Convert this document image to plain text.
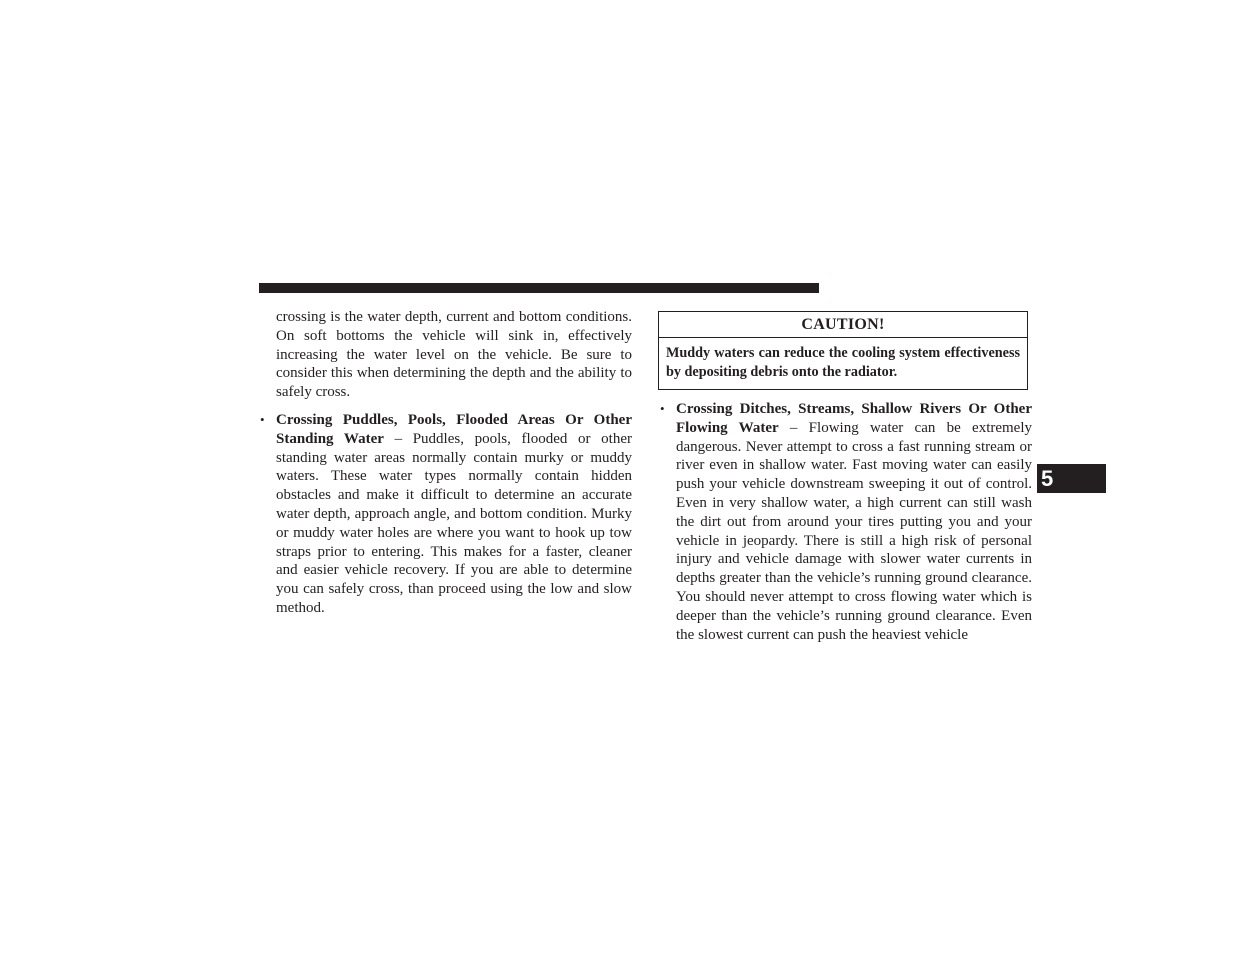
crossing is the water depth, current and bottom conditions. On soft bottoms the vehicle will sink in, effectively increasing the water level on the vehicle. Be sure to consider this when determining the depth and the ability to safely cross.

• Crossing Puddles, Pools, Flooded Areas Or Other Standing Water – Puddles, pools, flooded or other standing water areas normally contain murky or muddy waters. These water types normally contain hidden obstacles and make it difficult to determine an accurate water depth, approach angle, and bottom condition. Murky or muddy water holes are where you want to hook up tow straps prior to entering. This makes for a faster, cleaner and easier vehicle recovery. If you are able to determine you can safely cross, than proceed using the low and slow method.

CAUTION!
Muddy waters can reduce the cooling system effectiveness by depositing debris onto the radiator.

• Crossing Ditches, Streams, Shallow Rivers Or Other Flowing Water – Flowing water can be extremely dangerous. Never attempt to cross a fast running stream or river even in shallow water. Fast moving water can easily push your vehicle downstream sweeping it out of control. Even in very shallow water, a high current can still wash the dirt out from around your tires putting you and your vehicle in jeopardy. There is still a high risk of personal injury and vehicle damage with slower water currents in depths greater than the vehicle’s running ground clearance. You should never attempt to cross flowing water which is deeper than the vehicle’s running ground clearance. Even the slowest current can push the heaviest vehicle

5
